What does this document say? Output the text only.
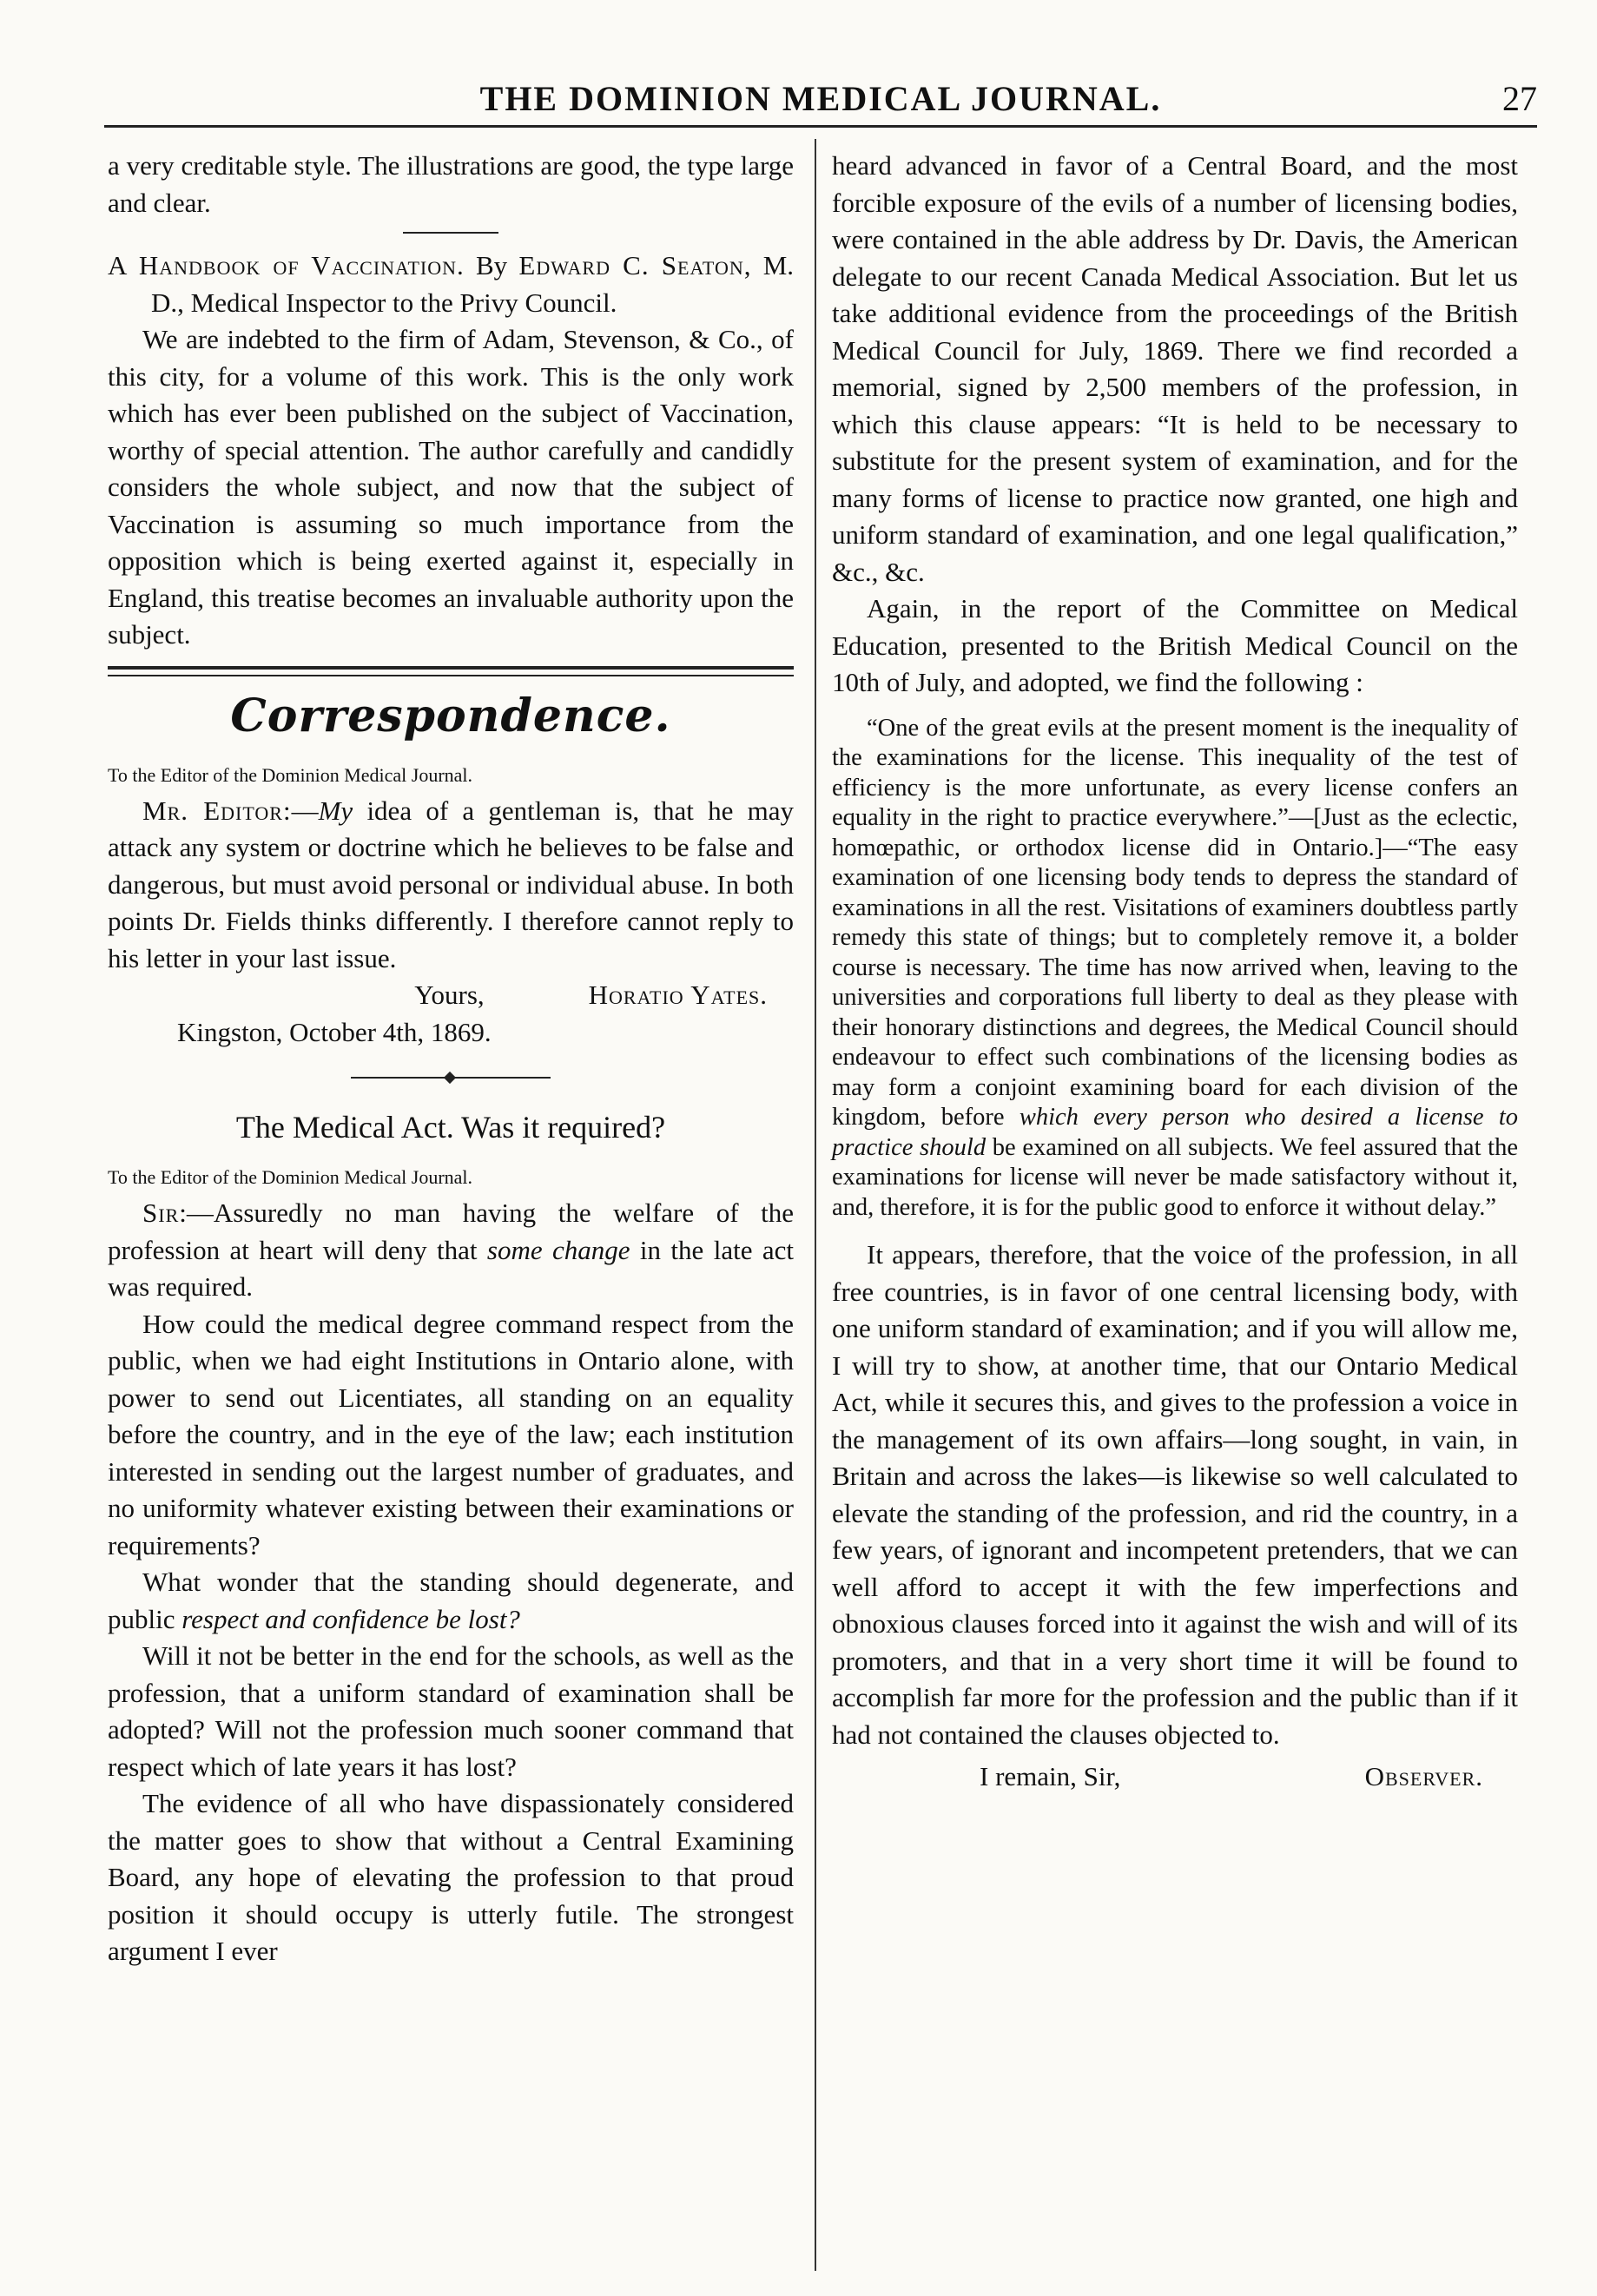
THE DOMINION MEDICAL JOURNAL.	27

a very creditable style. The illustrations are good, the type large and clear.

A Handbook of Vaccination. By Edward C. Seaton, M. D., Medical Inspector to the Privy Council.

We are indebted to the firm of Adam, Stevenson, & Co., of this city, for a volume of this work. This is the only work which has ever been published on the subject of Vaccination, worthy of special attention. The author carefully and candidly considers the whole subject, and now that the subject of Vaccination is assuming so much importance from the opposition which is being exerted against it, especially in England, this treatise becomes an invaluable authority upon the subject.

Correspondence.

To the Editor of the Dominion Medical Journal.

Mr. Editor:—My idea of a gentleman is, that he may attack any system or doctrine which he believes to be false and dangerous, but must avoid personal or individual abuse. In both points Dr. Fields thinks differently. I therefore cannot reply to his letter in your last issue.

Yours,	Horatio Yates.

Kingston, October 4th, 1869.

The Medical Act. Was it required?

To the Editor of the Dominion Medical Journal.

Sir:—Assuredly no man having the welfare of the profession at heart will deny that some change in the late act was required.

How could the medical degree command respect from the public, when we had eight Institutions in Ontario alone, with power to send out Licentiates, all standing on an equality before the country, and in the eye of the law; each institution interested in sending out the largest number of graduates, and no uniformity whatever existing between their examinations or requirements?

What wonder that the standing should degenerate, and public respect and confidence be lost?

Will it not be better in the end for the schools, as well as the profession, that a uniform standard of examination shall be adopted? Will not the profession much sooner command that respect which of late years it has lost?

The evidence of all who have dispassionately considered the matter goes to show that without a Central Examining Board, any hope of elevating the profession to that proud position it should occupy is utterly futile. The strongest argument I ever

heard advanced in favor of a Central Board, and the most forcible exposure of the evils of a number of licensing bodies, were contained in the able address by Dr. Davis, the American delegate to our recent Canada Medical Association. But let us take additional evidence from the proceedings of the British Medical Council for July, 1869. There we find recorded a memorial, signed by 2,500 members of the profession, in which this clause appears: “It is held to be necessary to substitute for the present system of examination, and for the many forms of license to practice now granted, one high and uniform standard of examination, and one legal qualification,” &c., &c.

Again, in the report of the Committee on Medical Education, presented to the British Medical Council on the 10th of July, and adopted, we find the following :

“One of the great evils at the present moment is the inequality of the examinations for the license. This inequality of the test of efficiency is the more unfortunate, as every license confers an equality in the right to practice everywhere.”—[Just as the eclectic, homœpathic, or orthodox license did in Ontario.]—“The easy examination of one licensing body tends to depress the standard of examinations in all the rest. Visitations of examiners doubtless partly remedy this state of things; but to completely remove it, a bolder course is necessary. The time has now arrived when, leaving to the universities and corporations full liberty to deal as they please with their honorary distinctions and degrees, the Medical Council should endeavour to effect such combinations of the licensing bodies as may form a conjoint examining board for each division of the kingdom, before which every person who desired a license to practice should be examined on all subjects. We feel assured that the examinations for license will never be made satisfactory without it, and, therefore, it is for the public good to enforce it without delay.”

It appears, therefore, that the voice of the profession, in all free countries, is in favor of one central licensing body, with one uniform standard of examination; and if you will allow me, I will try to show, at another time, that our Ontario Medical Act, while it secures this, and gives to the profession a voice in the management of its own affairs—long sought, in vain, in Britain and across the lakes—is likewise so well calculated to elevate the standing of the profession, and rid the country, in a few years, of ignorant and incompetent pretenders, that we can well afford to accept it with the few imperfections and obnoxious clauses forced into it against the wish and will of its promoters, and that in a very short time it will be found to accomplish far more for the profession and the public than if it had not contained the clauses objected to.

I remain, Sir,	Observer.
